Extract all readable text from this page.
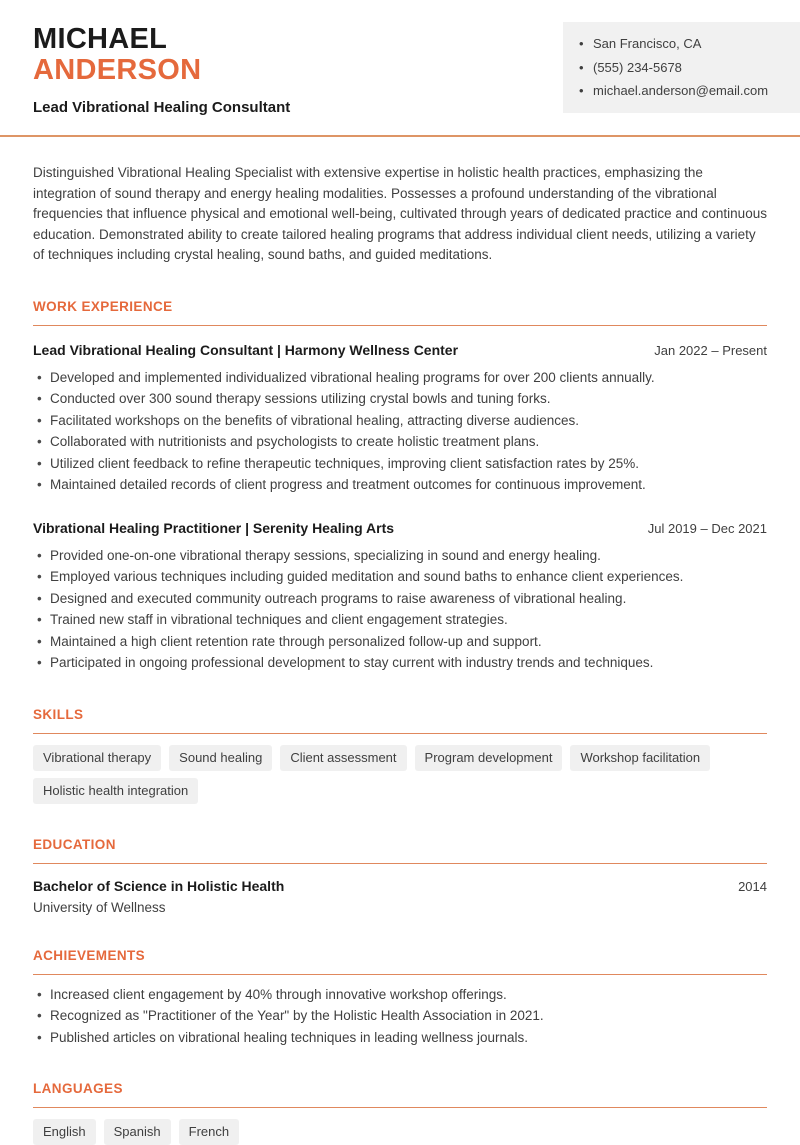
MICHAEL
ANDERSON
Lead Vibrational Healing Consultant
• San Francisco, CA
• (555) 234-5678
• michael.anderson@email.com

Distinguished Vibrational Healing Specialist with extensive expertise in holistic health practices, emphasizing the integration of sound therapy and energy healing modalities. Possesses a profound understanding of the vibrational frequencies that influence physical and emotional well-being, cultivated through years of dedicated practice and continuous education. Demonstrated ability to create tailored healing programs that address individual client needs, utilizing a variety of techniques including crystal healing, sound baths, and guided meditations.

WORK EXPERIENCE
Lead Vibrational Healing Consultant | Harmony Wellness Center	Jan 2022 – Present
• Developed and implemented individualized vibrational healing programs for over 200 clients annually.
• Conducted over 300 sound therapy sessions utilizing crystal bowls and tuning forks.
• Facilitated workshops on the benefits of vibrational healing, attracting diverse audiences.
• Collaborated with nutritionists and psychologists to create holistic treatment plans.
• Utilized client feedback to refine therapeutic techniques, improving client satisfaction rates by 25%.
• Maintained detailed records of client progress and treatment outcomes for continuous improvement.
Vibrational Healing Practitioner | Serenity Healing Arts	Jul 2019 – Dec 2021
• Provided one-on-one vibrational therapy sessions, specializing in sound and energy healing.
• Employed various techniques including guided meditation and sound baths to enhance client experiences.
• Designed and executed community outreach programs to raise awareness of vibrational healing.
• Trained new staff in vibrational techniques and client engagement strategies.
• Maintained a high client retention rate through personalized follow-up and support.
• Participated in ongoing professional development to stay current with industry trends and techniques.
SKILLS
Vibrational therapy	Sound healing	Client assessment	Program development	Workshop facilitation
Holistic health integration
EDUCATION
Bachelor of Science in Holistic Health	2014
University of Wellness
ACHIEVEMENTS
• Increased client engagement by 40% through innovative workshop offerings.
• Recognized as "Practitioner of the Year" by the Holistic Health Association in 2021.
• Published articles on vibrational healing techniques in leading wellness journals.
LANGUAGES
English	Spanish	French
